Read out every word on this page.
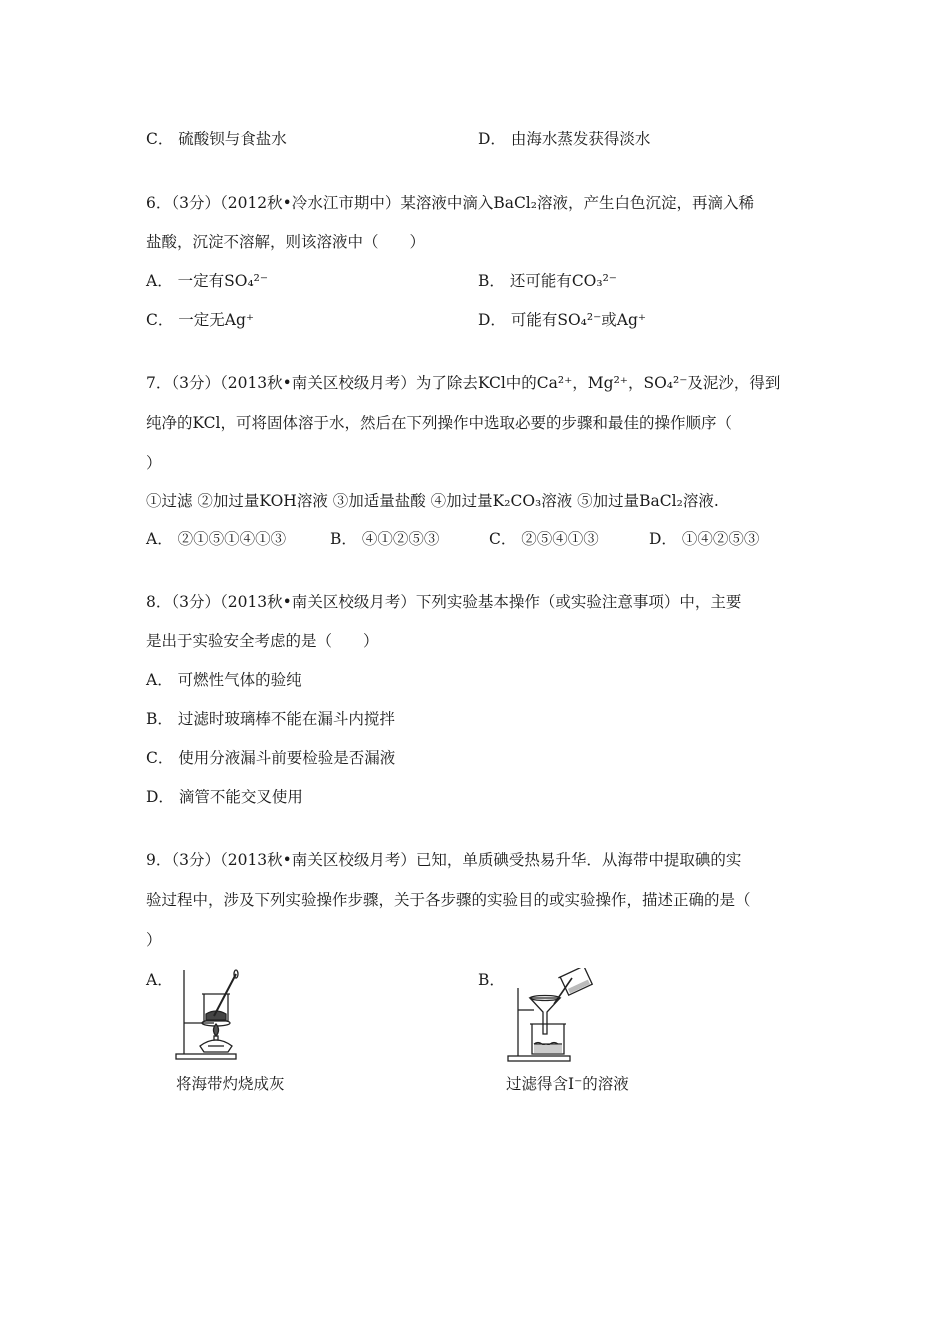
C． 硫酸钡与食盐水	D． 由海水蒸发获得淡水
6．（3分）（2012秋•冷水江市期中）某溶液中滴入BaCl₂溶液，产生白色沉淀，再滴入稀
盐酸，沉淀不溶解，则该溶液中（　　）
A． 一定有SO₄²⁻	B． 还可能有CO₃²⁻
C． 一定无Ag⁺	D． 可能有SO₄²⁻或Ag⁺
7．（3分）（2013秋•南关区校级月考）为了除去KCl中的Ca²⁺，Mg²⁺，SO₄²⁻及泥沙，得到
纯净的KCl，可将固体溶于水，然后在下列操作中选取必要的步骤和最佳的操作顺序（
）
①过滤 ②加过量KOH溶液 ③加适量盐酸 ④加过量K₂CO₃溶液 ⑤加过量BaCl₂溶液.
A． ②①⑤①④①③	B． ④①②⑤③	C． ②⑤④①③	D． ①④②⑤③
8．（3分）（2013秋•南关区校级月考）下列实验基本操作（或实验注意事项）中，主要
是出于实验安全考虑的是（　　）
A． 可燃性气体的验纯
B． 过滤时玻璃棒不能在漏斗内搅拌
C． 使用分液漏斗前要检验是否漏液
D． 滴管不能交叉使用
9．（3分）（2013秋•南关区校级月考）已知，单质碘受热易升华．从海带中提取碘的实
验过程中，涉及下列实验操作步骤，关于各步骤的实验目的或实验操作，描述正确的是（
）
A．	B．
将海带灼烧成灰	过滤得含I⁻的溶液
